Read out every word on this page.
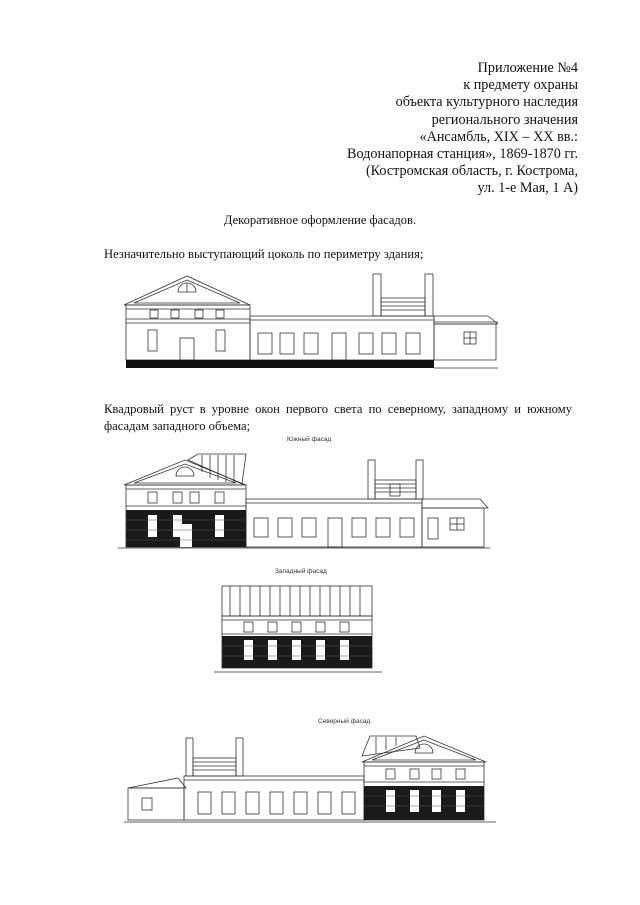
Приложение №4
к предмету охраны
объекта культурного наследия
регионального значения
«Ансамбль, XIX – XX вв.:
Водонапорная станция», 1869-1870 гг.
(Костромская область, г. Кострома,
ул. 1-е Мая, 1 А)
Декоративное оформление фасадов.
Незначительно выступающий цоколь по периметру здания;
Квадровый руст в уровне окон первого света по северному, западному и южному фасадам западного объема;
Южный фасад
Западный фасад
Северный фасад
